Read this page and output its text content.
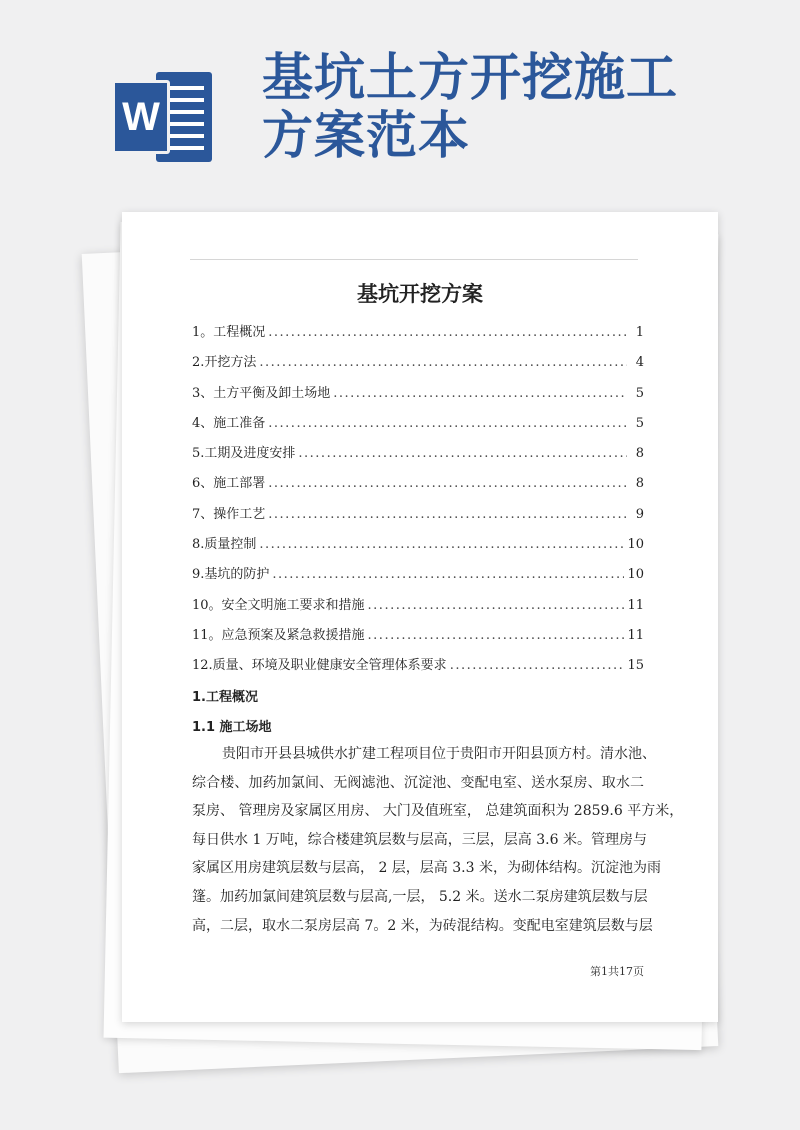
W
基坑土方开挖施工方案范本
基坑开挖方案
1。工程概况 .....	1
2.开挖方法 .....	4
3、土方平衡及卸土场地 .....	5
4、施工准备 .....	5
5.工期及进度安排 .....	8
6、施工部署 .....	8
7、操作工艺 .....	9
8.质量控制 .....	10
9.基坑的防护 .....	10
10。安全文明施工要求和措施 .....	11
11。应急预案及紧急救援措施 .....	11
12.质量、环境及职业健康安全管理体系要求 .....	15
1.工程概况
1.1 施工场地

贵阳市开县县城供水扩建工程项目位于贵阳市开阳县顶方村。清水池、
综合楼、加药加氯间、无阀滤池、沉淀池、变配电室、送水泵房、取水二
泵房、 管理房及家属区用房、 大门及值班室， 总建筑面积为 2859.6 平方米，
每日供水 1 万吨，综合楼建筑层数与层高，三层，层高 3.6 米。管理房与
家属区用房建筑层数与层高， 2 层，层高 3.3 米，为砌体结构。沉淀池为雨
篷。加药加氯间建筑层数与层高,一层， 5.2 米。送水二泵房建筑层数与层
高，二层，取水二泵房层高 7。2 米，为砖混结构。变配电室建筑层数与层

第1共17页
